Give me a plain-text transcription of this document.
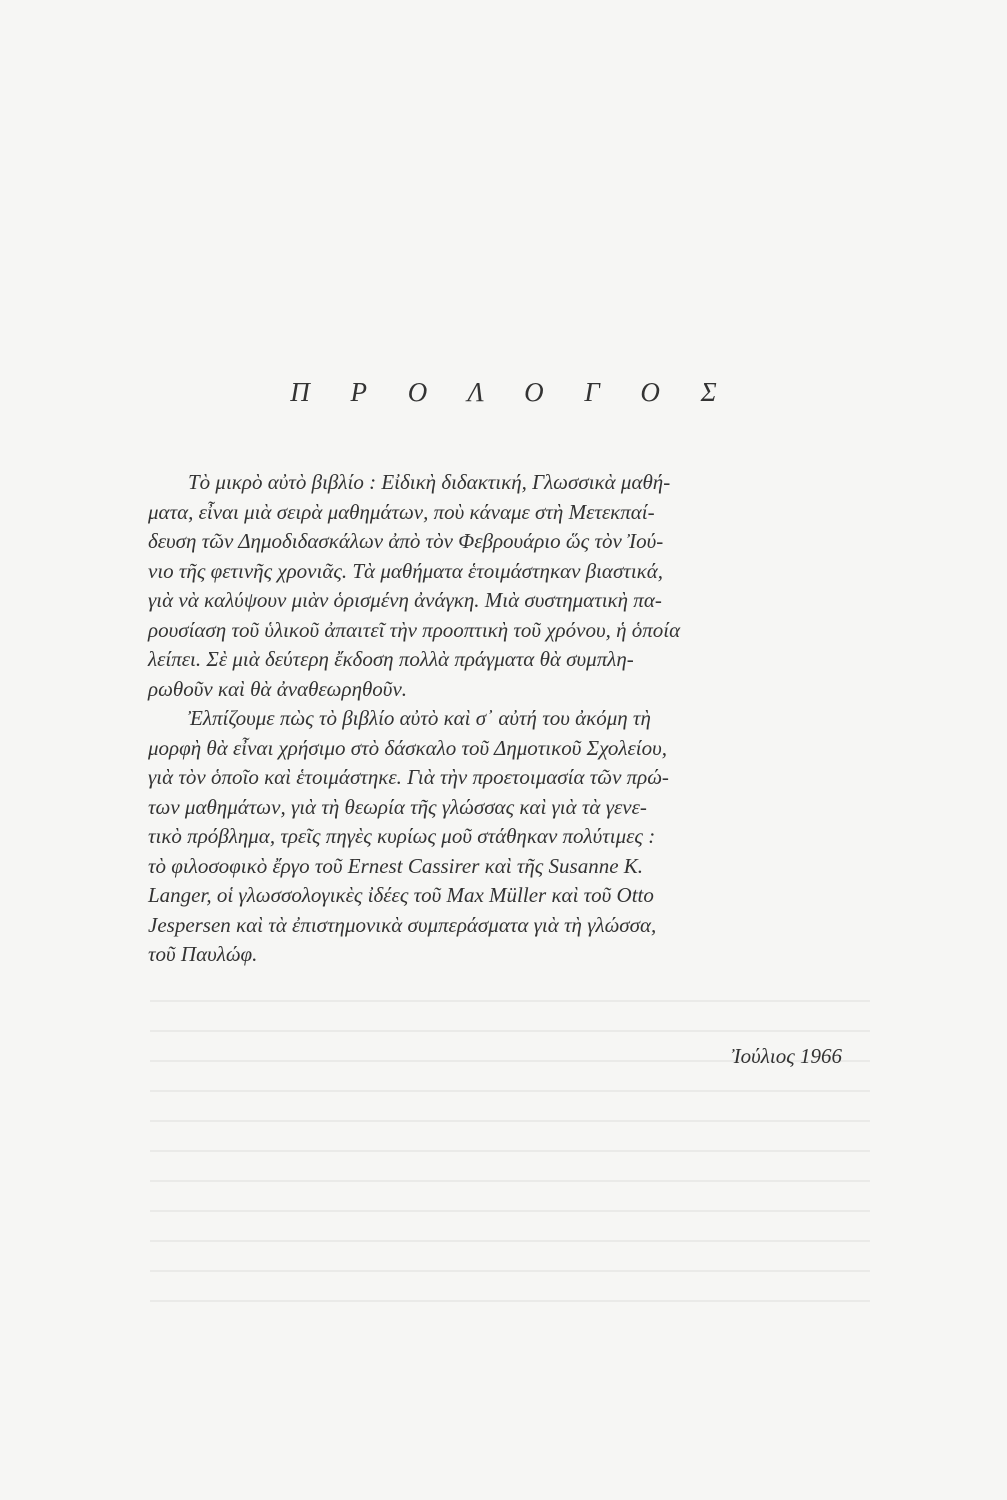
Π Ρ Ο Λ Ο Γ Ο Σ
Τὸ μικρὸ αὐτὸ βιβλίο : Εἰδικὴ διδακτική, Γλωσσικὰ μαθή-
ματα, εἶναι μιὰ σειρὰ μαθημάτων, ποὺ κάναμε στὴ Μετεκπαί-
δευση τῶν Δημοδιδασκάλων ἀπὸ τὸν Φεβρουάριο ὥς τὸν Ἰού-
νιο τῆς φετινῆς χρονιᾶς. Τὰ μαθήματα ἑτοιμάστηκαν βιαστικά,
γιὰ νὰ καλύψουν μιὰν ὁρισμένη ἀνάγκη. Μιὰ συστηματικὴ πα-
ρουσίαση τοῦ ὑλικοῦ ἀπαιτεῖ τὴν προοπτικὴ τοῦ χρόνου, ἡ ὁποία
λείπει. Σὲ μιὰ δεύτερη ἔκδοση πολλὰ πράγματα θὰ συμπλη-
ρωθοῦν καὶ θὰ ἀναθεωρηθοῦν.
Ἐλπίζουμε πὼς τὸ βιβλίο αὐτὸ καὶ σ᾿ αὐτή του ἀκόμη τὴ
μορφὴ θὰ εἶναι χρήσιμο στὸ δάσκαλο τοῦ Δημοτικοῦ Σχολείου,
γιὰ τὸν ὁποῖο καὶ ἑτοιμάστηκε. Γιὰ τὴν προετοιμασία τῶν πρώ-
των μαθημάτων, γιὰ τὴ θεωρία τῆς γλώσσας καὶ γιὰ τὰ γενε-
τικὸ πρόβλημα, τρεῖς πηγὲς κυρίως μοῦ στάθηκαν πολύτιμες :
τὸ φιλοσοφικὸ ἔργο τοῦ Ernest Cassirer καὶ τῆς Susanne K.
Langer, οἱ γλωσσολογικὲς ἰδέες τοῦ Max Müller καὶ τοῦ Otto
Jespersen καὶ τὰ ἐπιστημονικὰ συμπεράσματα γιὰ τὴ γλώσσα,
τοῦ Παυλώφ.
Ἰούλιος 1966
